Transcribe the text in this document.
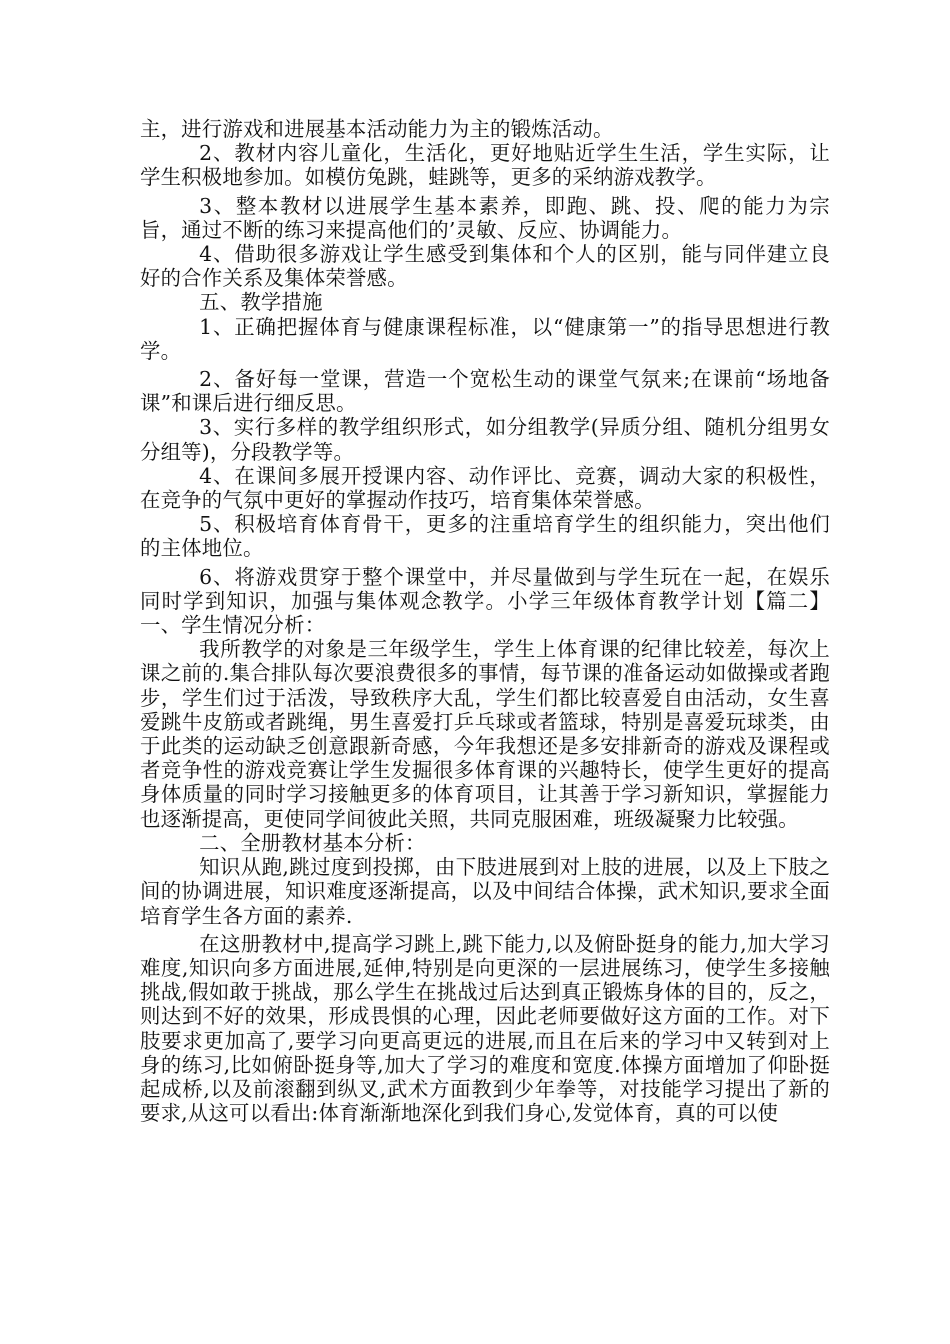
主，进行游戏和进展基本活动能力为主的锻炼活动。

2、教材内容儿童化，生活化，更好地贴近学生生活，学生实际，让学生积极地参加。如模仿兔跳，蛙跳等，更多的采纳游戏教学。

3、整本教材以进展学生基本素养，即跑、跳、投、爬的能力为宗旨，通过不断的练习来提高他们的’灵敏、反应、协调能力。

4、借助很多游戏让学生感受到集体和个人的区别，能与同伴建立良好的合作关系及集体荣誉感。

五、教学措施

1、正确把握体育与健康课程标准，以“健康第一”的指导思想进行教学。

2、备好每一堂课，营造一个宽松生动的课堂气氛来;在课前“场地备课”和课后进行细反思。

3、实行多样的教学组织形式，如分组教学(异质分组、随机分组男女分组等)，分段教学等。

4、在课间多展开授课内容、动作评比、竞赛，调动大家的积极性，在竞争的气氛中更好的掌握动作技巧，培育集体荣誉感。

5、积极培育体育骨干，更多的注重培育学生的组织能力，突出他们的主体地位。

6、将游戏贯穿于整个课堂中，并尽量做到与学生玩在一起，在娱乐同时学到知识，加强与集体观念教学。小学三年级体育教学计划【篇二】一、学生情况分析：

我所教学的对象是三年级学生，学生上体育课的纪律比较差，每次上课之前的.集合排队每次要浪费很多的事情，每节课的准备运动如做操或者跑步，学生们过于活泼，导致秩序大乱，学生们都比较喜爱自由活动，女生喜爱跳牛皮筋或者跳绳，男生喜爱打乒乓球或者篮球，特别是喜爱玩球类，由于此类的运动缺乏创意跟新奇感，今年我想还是多安排新奇的游戏及课程或者竞争性的游戏竞赛让学生发掘很多体育课的兴趣特长，使学生更好的提高身体质量的同时学习接触更多的体育项目，让其善于学习新知识，掌握能力也逐渐提高，更使同学间彼此关照，共同克服困难，班级凝聚力比较强。

二、全册教材基本分析：

知识从跑,跳过度到投掷，由下肢进展到对上肢的进展，以及上下肢之间的协调进展，知识难度逐渐提高，以及中间结合体操，武术知识,要求全面培育学生各方面的素养.

在这册教材中,提高学习跳上,跳下能力,以及俯卧挺身的能力,加大学习难度,知识向多方面进展,延伸,特别是向更深的一层进展练习，使学生多接触挑战,假如敢于挑战，那么学生在挑战过后达到真正锻炼身体的目的，反之，则达到不好的效果，形成畏惧的心理，因此老师要做好这方面的工作。对下肢要求更加高了,要学习向更高更远的进展,而且在后来的学习中又转到对上身的练习,比如俯卧挺身等,加大了学习的难度和宽度.体操方面增加了仰卧挺起成桥,以及前滚翻到纵叉,武术方面教到少年拳等，对技能学习提出了新的要求,从这可以看出:体育渐渐地深化到我们身心,发觉体育，真的可以使
